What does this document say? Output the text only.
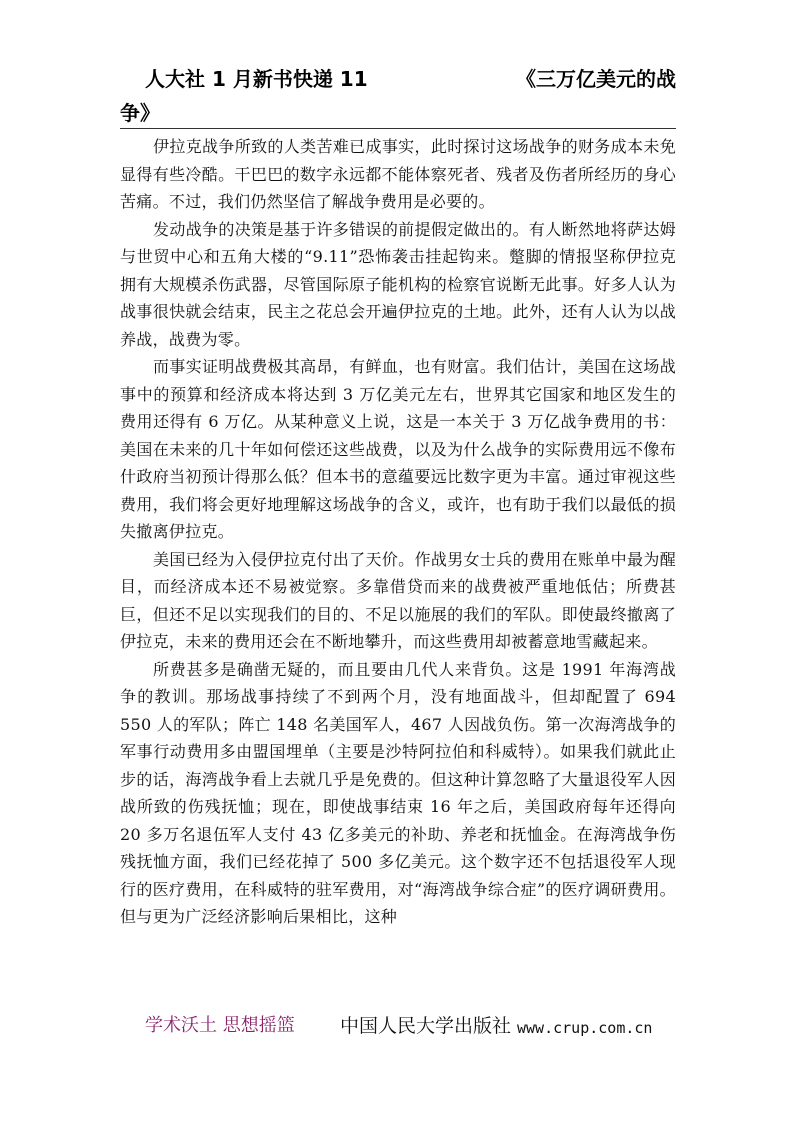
人大社 1 月新书快递 11	《三万亿美元的战
争》

伊拉克战争所致的人类苦难已成事实，此时探讨这场战争的财务成本未免显得有些冷酷。干巴巴的数字永远都不能体察死者、残者及伤者所经历的身心苦痛。不过，我们仍然坚信了解战争费用是必要的。

发动战争的决策是基于许多错误的前提假定做出的。有人断然地将萨达姆与世贸中心和五角大楼的“9.11”恐怖袭击挂起钩来。蹩脚的情报坚称伊拉克拥有大规模杀伤武器，尽管国际原子能机构的检察官说断无此事。好多人认为战事很快就会结束，民主之花总会开遍伊拉克的土地。此外，还有人认为以战养战，战费为零。

而事实证明战费极其高昂，有鲜血，也有财富。我们估计，美国在这场战事中的预算和经济成本将达到 3 万亿美元左右，世界其它国家和地区发生的费用还得有 6 万亿。从某种意义上说，这是一本关于 3 万亿战争费用的书：美国在未来的几十年如何偿还这些战费，以及为什么战争的实际费用远不像布什政府当初预计得那么低？但本书的意蕴要远比数字更为丰富。通过审视这些费用，我们将会更好地理解这场战争的含义，或许，也有助于我们以最低的损失撤离伊拉克。

美国已经为入侵伊拉克付出了天价。作战男女士兵的费用在账单中最为醒目，而经济成本还不易被觉察。多靠借贷而来的战费被严重地低估；所费甚巨，但还不足以实现我们的目的、不足以施展的我们的军队。即使最终撤离了伊拉克，未来的费用还会在不断地攀升，而这些费用却被蓄意地雪藏起来。

所费甚多是确凿无疑的，而且要由几代人来背负。这是 1991 年海湾战争的教训。那场战事持续了不到两个月，没有地面战斗，但却配置了 694 550 人的军队；阵亡 148 名美国军人，467 人因战负伤。第一次海湾战争的军事行动费用多由盟国埋单（主要是沙特阿拉伯和科威特）。如果我们就此止步的话，海湾战争看上去就几乎是免费的。但这种计算忽略了大量退役军人因战所致的伤残抚恤；现在，即使战事结束 16 年之后，美国政府每年还得向 20 多万名退伍军人支付 43 亿多美元的补助、养老和抚恤金。在海湾战争伤残抚恤方面，我们已经花掉了 500 多亿美元。这个数字还不包括退役军人现行的医疗费用，在科威特的驻军费用，对“海湾战争综合症”的医疗调研费用。但与更为广泛经济影响后果相比，这种

学术沃土 思想摇篮 中国人民大学出版社 www.crup.com.cn
